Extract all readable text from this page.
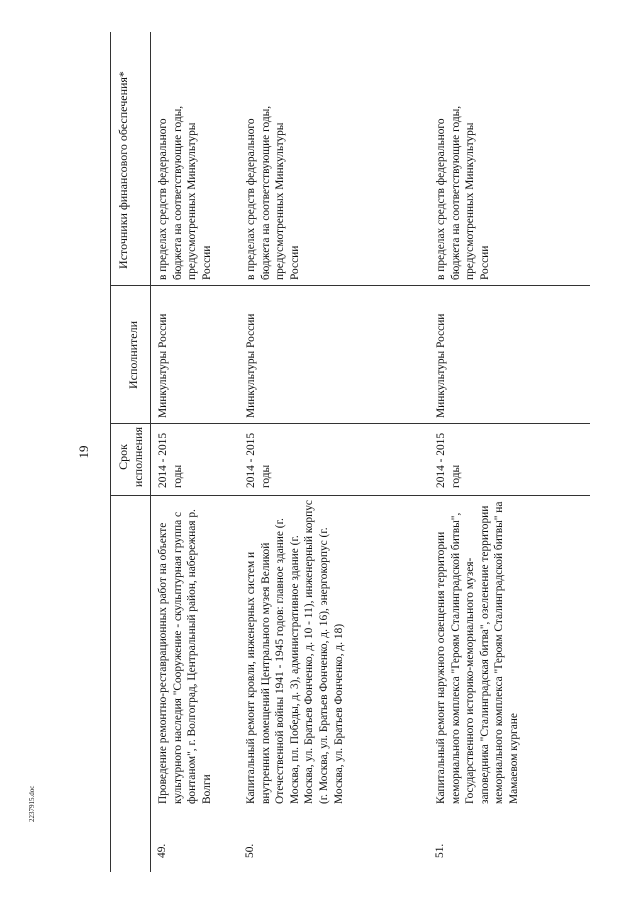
19 Срок исполнения
Исполнители
Источники финансового обеспечения*
49.
Проведение ремонтно-реставрационных работ на объекте культурного наследия "Сооружение - скульптурная группа с фонтаном", г. Волгоград, Центральный район, набережная р. Волги
2014 - 2015 годы
Минкультуры России
в пределах средств федерального бюджета на соответствующие годы, предусмотренных Минкультуры России
50.
Капитальный ремонт кровли, инженерных систем и внутренних помещений Центрального музея Великой Отечественной войны 1941 - 1945 годов: главное здание (г. Москва, пл. Победы, д. 3), административное здание (г. Москва, ул. Братьев Фонченко, д. 10 - 11), инженерный корпус (г. Москва, ул. Братьев Фонченко, д. 16), энергокорпус (г. Москва, ул. Братьев Фонченко, д. 18)
2014 - 2015 годы
Минкультуры России
в пределах средств федерального бюджета на соответствующие годы, предусмотренных Минкультуры России
51.
Капитальный ремонт наружного освещения территории мемориального комплекса "Героям Сталинградской битвы", Государственного историко-мемориального музея-заповедника "Сталинградская битва", озеленение территории мемориального комплекса "Героям Сталинградской битвы" на Мамаевом кургане
2014 - 2015 годы
Минкультуры России
в пределах средств федерального бюджета на соответствующие годы, предусмотренных Минкультуры России
2237915.doc
